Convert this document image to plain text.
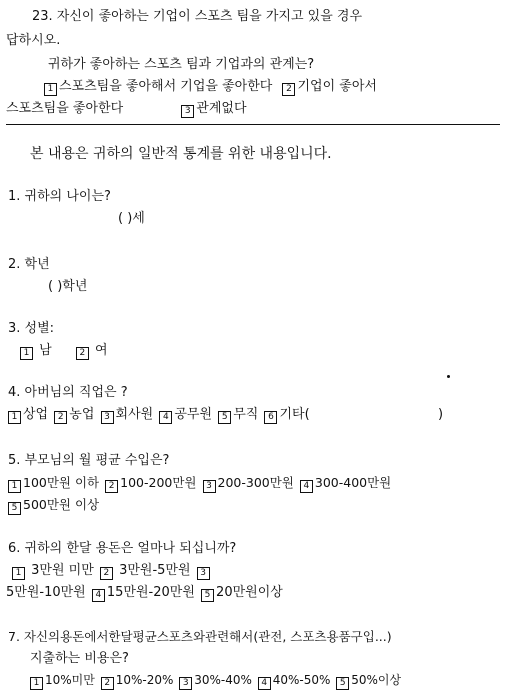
23. 자신이 좋아하는 기업이 스포츠 팀을 가지고 있을 경우
답하시오.
귀하가 좋아하는 스포츠 팀과 기업과의 관계는?
1 스포츠팀을 좋아해서 기업을 좋아한다 2 기업이 좋아서
스포츠팀을 좋아한다	3 관계없다
본 내용은 귀하의 일반적 통계를 위한 내용입니다.
1. 귀하의 나이는?
( )세
2. 학년
( )학년
3. 성별:
1 남	2 여
4. 아버님의 직업은 ?
1 상업 2 농업 3 회사원 4 공무원 5 무직 6 기타(	)
5. 부모님의 월 평균 수입은?
1 100만원 이하 2 100-200만원 3 200-300만원 4 300-400만원
5 500만원 이상
6. 귀하의 한달 용돈은 얼마나 되십니까?
1 3만원 미만 2 3만원-5만원 3
5만원-10만원 4 15만원-20만원 5 20만원이상
7. 자신의용돈에서한달평균스포츠와관련해서(관전, 스포츠용품구입...)
지출하는 비용은?
1 10%미만 2 10%-20% 3 30%-40% 4 40%-50% 5 50%이상
